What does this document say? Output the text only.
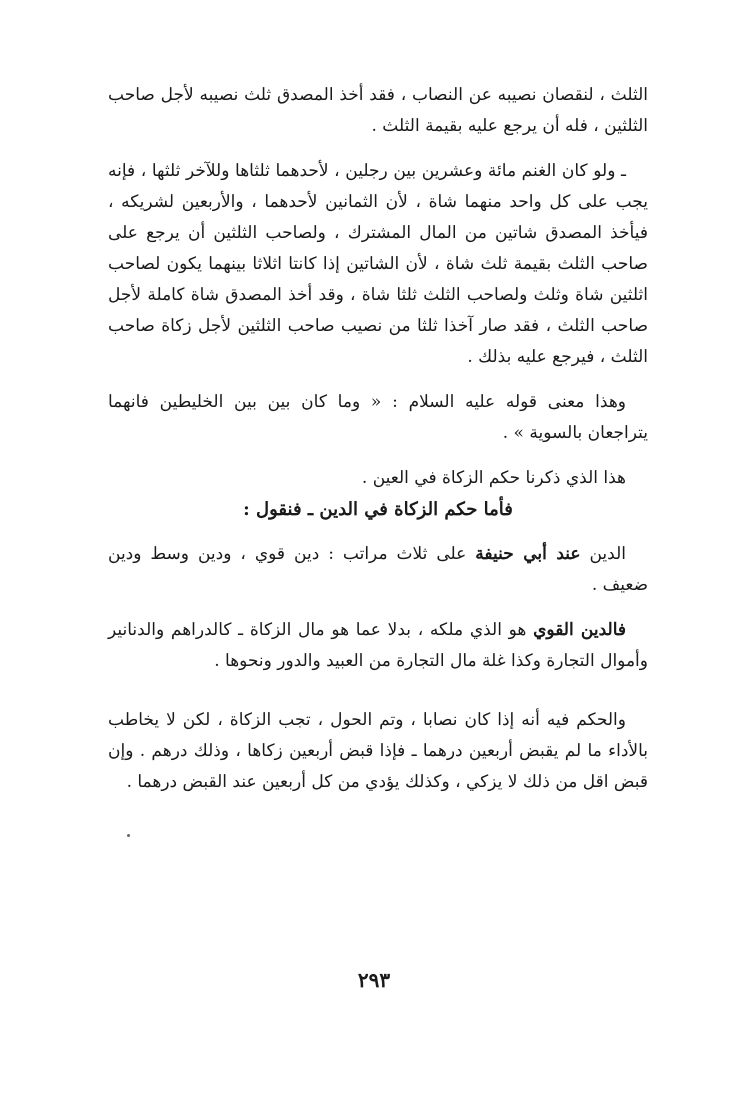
الثلث ، لنقصان نصيبه عن النصاب ، فقد أخذ المصدق ثلث نصيبه لأجل صاحب الثلثين ، فله أن يرجع عليه بقيمة الثلث .

ـ ولو كان الغنم مائة وعشرين بين رجلين ، لأحدهما ثلثاها وللآخر ثلثها ، فإنه يجب على كل واحد منهما شاة ، لأن الثمانين لأحدهما ، والأربعين لشريكه ، فيأخذ المصدق شاتين من المال المشترك ، ولصاحب الثلثين أن يرجع على صاحب الثلث بقيمة ثلث شاة ، لأن الشاتين إذا كانتا اثلاثا بينهما يكون لصاحب اثلثين شاة وثلث ولصاحب الثلث ثلثا شاة ، وقد أخذ المصدق شاة كاملة لأجل صاحب الثلث ، فقد صار آخذا ثلثا من نصيب صاحب الثلثين لأجل زكاة صاحب الثلث ، فيرجع عليه بذلك .

وهذا معنى قوله عليه السلام : « وما كان بين بين الخليطين فانهما يتراجعان بالسوية » .

هذا الذي ذكرنا حكم الزكاة في العين .

فأما حكم الزكاة في الدين ـ فنقول :

الدين عند أبي حنيفة على ثلاث مراتب : دين قوي ، ودين وسط ودين ضعيف .

فالدين القوي هو الذي ملكه ، بدلا عما هو مال الزكاة ـ كالدراهم والدنانير وأموال التجارة وكذا غلة مال التجارة من العبيد والدور ونحوها .

والحكم فيه أنه إذا كان نصابا ، وتم الحول ، تجب الزكاة ، لكن لا يخاطب بالأداء ما لم يقبض أربعين درهما ـ فإذا قبض أربعين زكاها ، وذلك درهم . وإن قبض اقل من ذلك لا يزكي ، وكذلك يؤدي من كل أربعين عند القبض درهما .

٢٩٣
